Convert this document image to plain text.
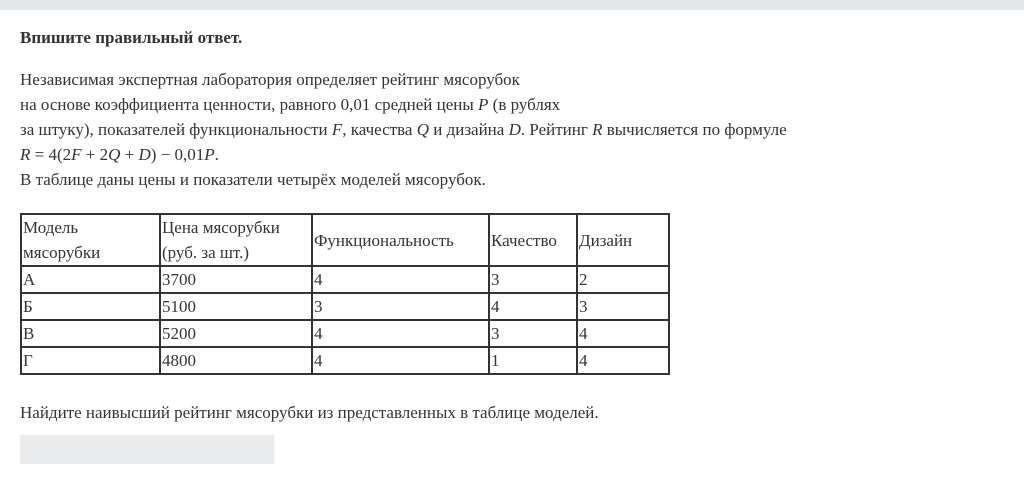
Впишите правильный ответ.

Независимая экспертная лаборатория определяет рейтинг мясорубок
на основе коэффициента ценности, равного 0,01 средней цены P (в рублях
за штуку), показателей функциональности F, качества Q и дизайна D. Рейтинг R вычисляется по формуле
R = 4(2F + 2Q + D) − 0,01P.
В таблице даны цены и показатели четырёх моделей мясорубок.

Модель мясорубки	Цена мясорубки (руб. за шт.)	Функциональность	Качество	Дизайн
А	3700	4	3	2
Б	5100	3	4	3
В	5200	4	3	4
Г	4800	4	1	4

Найдите наивысший рейтинг мясорубки из представленных в таблице моделей.
